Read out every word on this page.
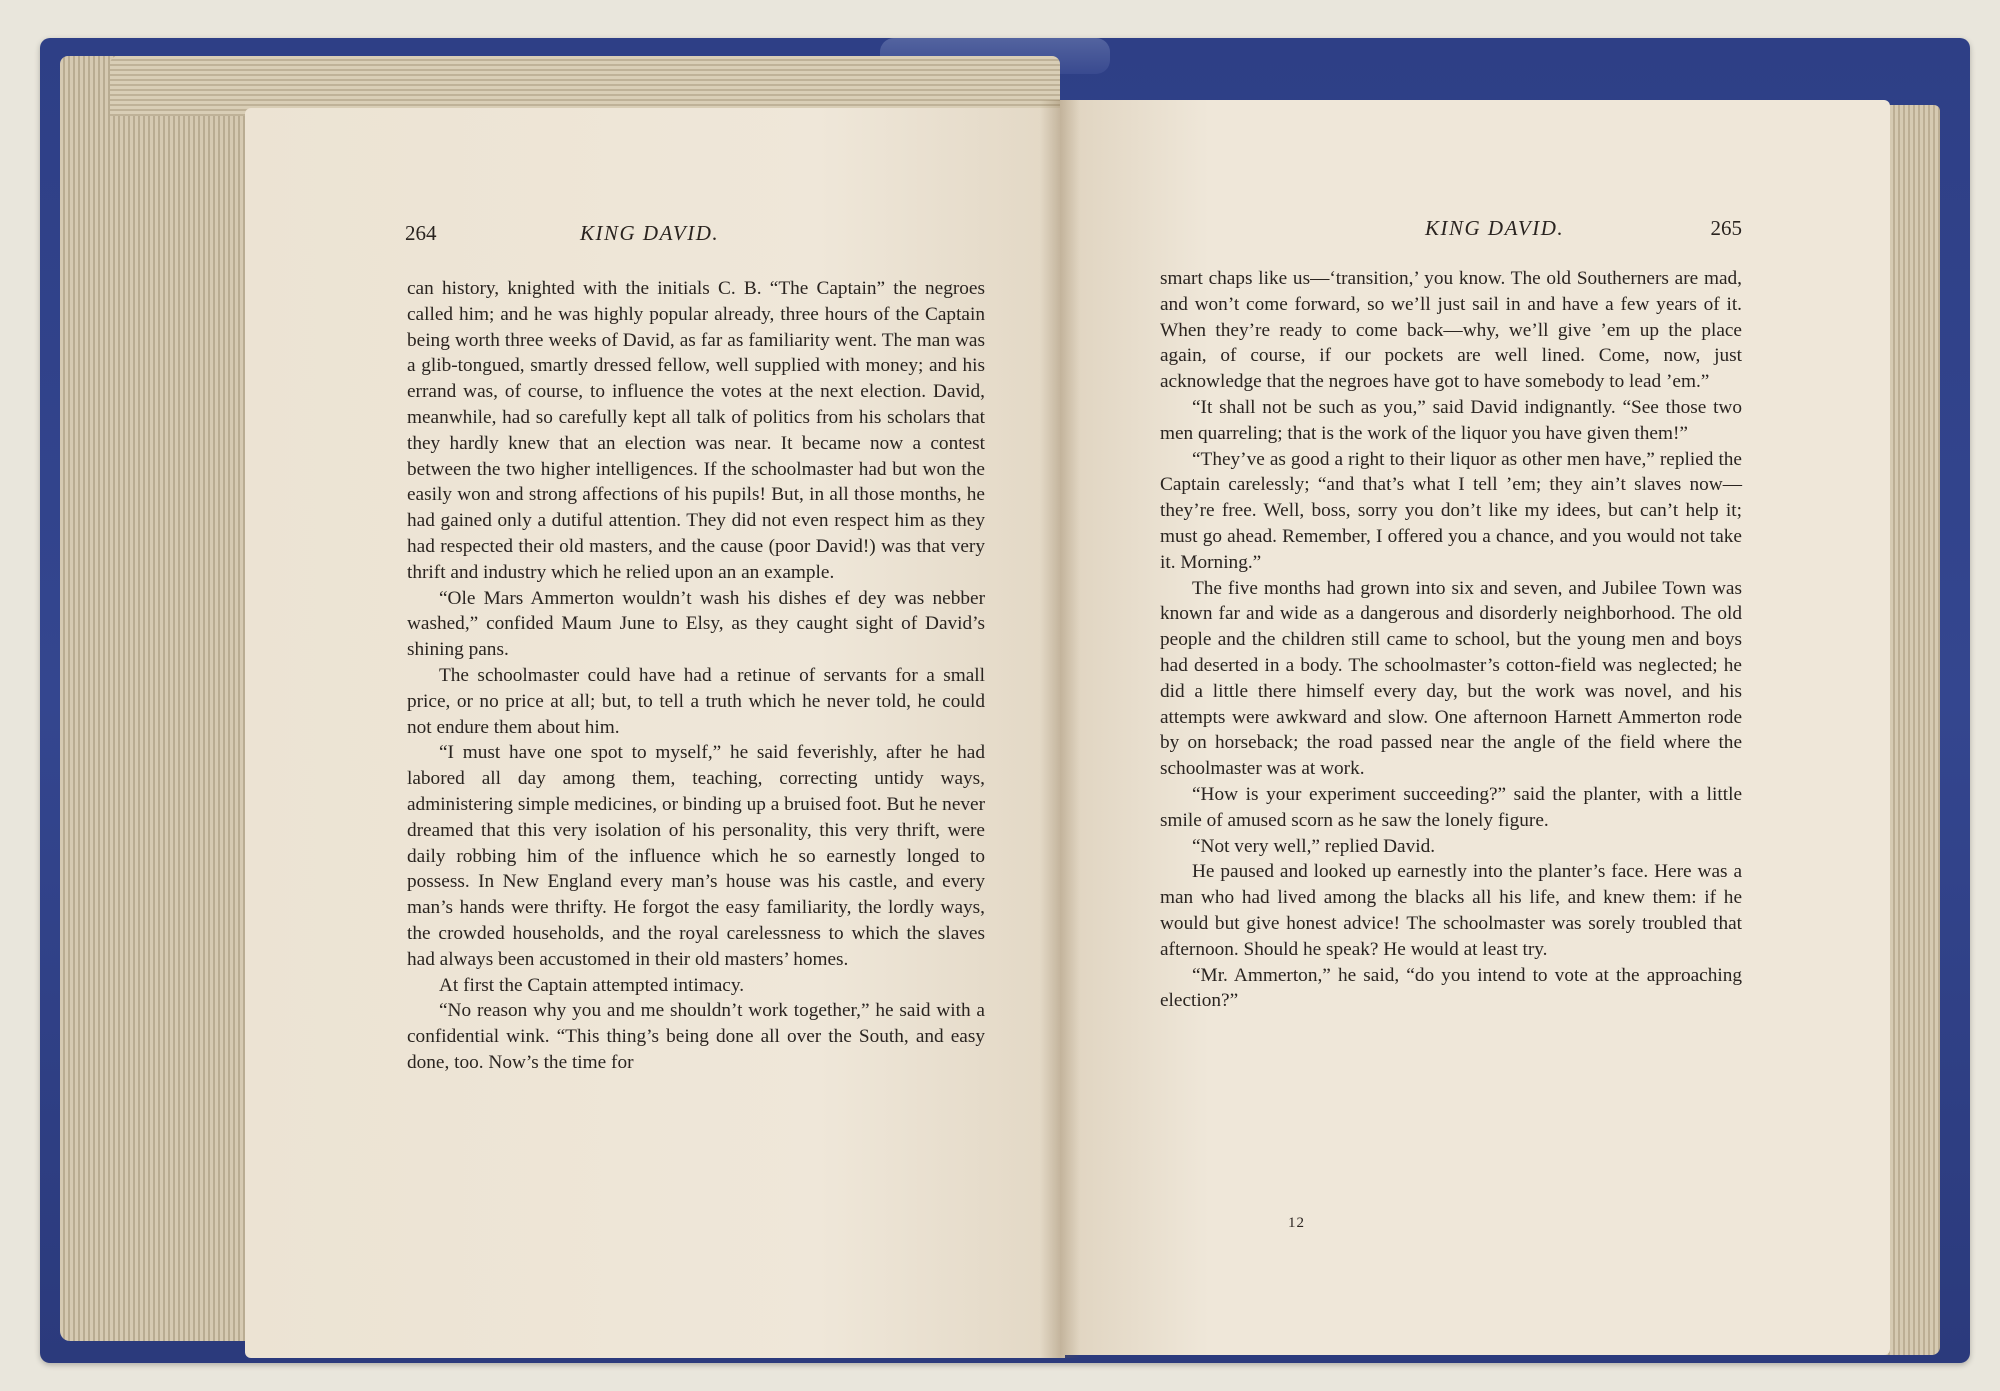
264	KING DAVID.

can history, knighted with the initials C. B. “The Captain” the negroes called him; and he was highly popular already, three hours of the Captain being worth three weeks of David, as far as familiarity went. The man was a glib-tongued, smartly dressed fellow, well supplied with money; and his errand was, of course, to influence the votes at the next election. David, meanwhile, had so carefully kept all talk of politics from his scholars that they hardly knew that an election was near. It became now a contest between the two higher intelligences. If the schoolmaster had but won the easily won and strong affections of his pupils! But, in all those months, he had gained only a dutiful attention. They did not even respect him as they had respected their old masters, and the cause (poor David!) was that very thrift and industry which he relied upon an an example.

“Ole Mars Ammerton wouldn’t wash his dishes ef dey was nebber washed,” confided Maum June to Elsy, as they caught sight of David’s shining pans.

The schoolmaster could have had a retinue of servants for a small price, or no price at all; but, to tell a truth which he never told, he could not endure them about him.

“I must have one spot to myself,” he said feverishly, after he had labored all day among them, teaching, correcting untidy ways, administering simple medicines, or binding up a bruised foot. But he never dreamed that this very isolation of his personality, this very thrift, were daily robbing him of the influence which he so earnestly longed to possess. In New England every man’s house was his castle, and every man’s hands were thrifty. He forgot the easy familiarity, the lordly ways, the crowded households, and the royal carelessness to which the slaves had always been accustomed in their old masters’ homes.

At first the Captain attempted intimacy.

“No reason why you and me shouldn’t work together,” he said with a confidential wink. “This thing’s being done all over the South, and easy done, too. Now’s the time for

KING DAVID.	265

smart chaps like us—‘transition,’ you know. The old Southerners are mad, and won’t come forward, so we’ll just sail in and have a few years of it. When they’re ready to come back—why, we’ll give ’em up the place again, of course, if our pockets are well lined. Come, now, just acknowledge that the negroes have got to have somebody to lead ’em.”

“It shall not be such as you,” said David indignantly. “See those two men quarreling; that is the work of the liquor you have given them!”

“They’ve as good a right to their liquor as other men have,” replied the Captain carelessly; “and that’s what I tell ’em; they ain’t slaves now—they’re free. Well, boss, sorry you don’t like my idees, but can’t help it; must go ahead. Remember, I offered you a chance, and you would not take it. Morning.”

The five months had grown into six and seven, and Jubilee Town was known far and wide as a dangerous and disorderly neighborhood. The old people and the children still came to school, but the young men and boys had deserted in a body. The schoolmaster’s cotton-field was neglected; he did a little there himself every day, but the work was novel, and his attempts were awkward and slow. One afternoon Harnett Ammerton rode by on horseback; the road passed near the angle of the field where the schoolmaster was at work.

“How is your experiment succeeding?” said the planter, with a little smile of amused scorn as he saw the lonely figure.

“Not very well,” replied David.

He paused and looked up earnestly into the planter’s face. Here was a man who had lived among the blacks all his life, and knew them: if he would but give honest advice! The schoolmaster was sorely troubled that afternoon. Should he speak? He would at least try.

“Mr. Ammerton,” he said, “do you intend to vote at the approaching election?”

12
